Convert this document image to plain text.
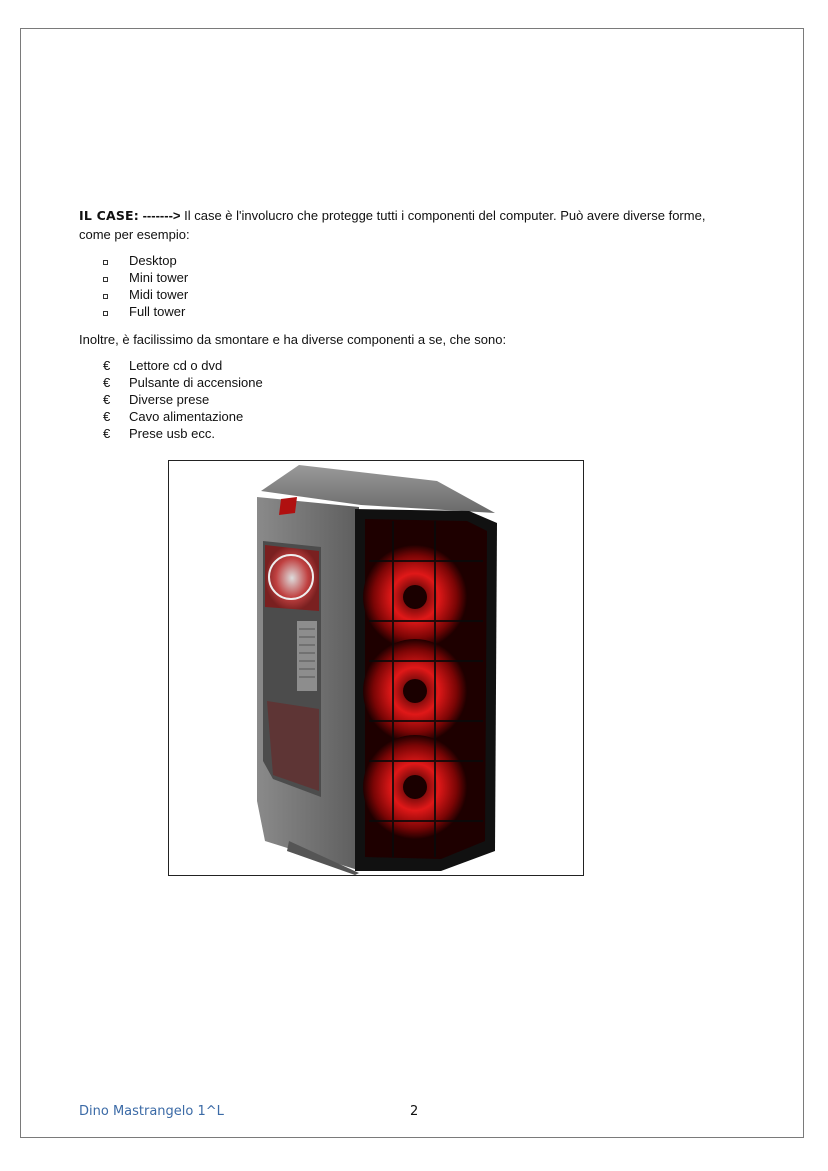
IL CASE: -------> Il case è l'involucro che protegge tutti i componenti del computer. Può avere diverse forme, come per esempio:

Desktop
Mini tower
Midi tower
Full tower

Inoltre, è facilissimo da smontare e ha diverse componenti a se, che sono:

€ Lettore cd o dvd
€ Pulsante di accensione
€ Diverse prese
€ Cavo alimentazione
€ Prese usb ecc.
Dino Mastrangelo 1^L	2
